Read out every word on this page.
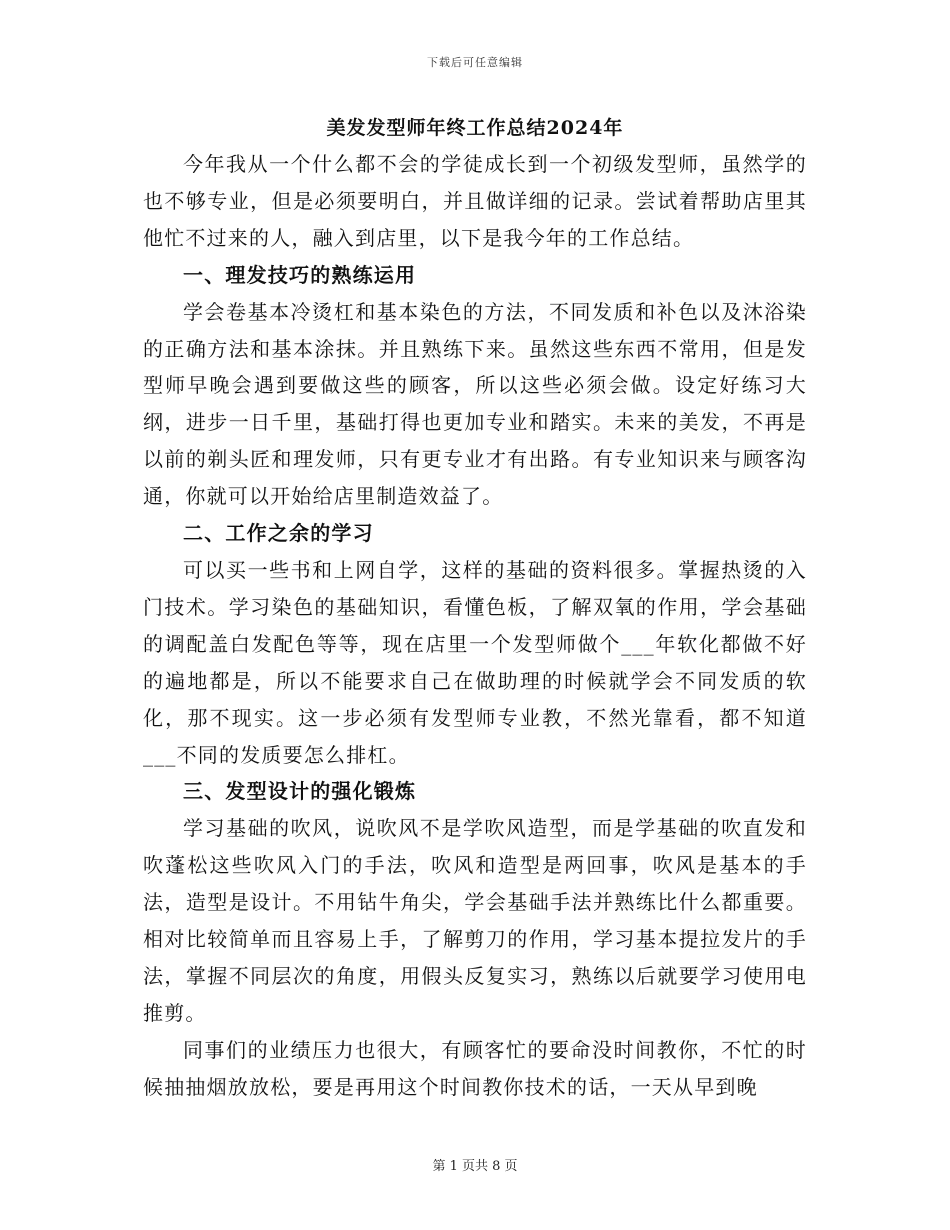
下载后可任意编辑
美发发型师年终工作总结2024年

今年我从一个什么都不会的学徒成长到一个初级发型师，虽然学的也不够专业，但是必须要明白，并且做详细的记录。尝试着帮助店里其他忙不过来的人，融入到店里，以下是我今年的工作总结。

一、理发技巧的熟练运用

学会卷基本冷烫杠和基本染色的方法，不同发质和补色以及沐浴染的正确方法和基本涂抹。并且熟练下来。虽然这些东西不常用，但是发型师早晚会遇到要做这些的顾客，所以这些必须会做。设定好练习大纲，进步一日千里，基础打得也更加专业和踏实。未来的美发，不再是以前的剃头匠和理发师，只有更专业才有出路。有专业知识来与顾客沟通，你就可以开始给店里制造效益了。

二、工作之余的学习

可以买一些书和上网自学，这样的基础的资料很多。掌握热烫的入门技术。学习染色的基础知识，看懂色板，了解双氧的作用，学会基础的调配盖白发配色等等，现在店里一个发型师做个___年软化都做不好的遍地都是，所以不能要求自己在做助理的时候就学会不同发质的软化，那不现实。这一步必须有发型师专业教，不然光靠看，都不知道___不同的发质要怎么排杠。

三、发型设计的强化锻炼

学习基础的吹风，说吹风不是学吹风造型，而是学基础的吹直发和吹蓬松这些吹风入门的手法，吹风和造型是两回事，吹风是基本的手法，造型是设计。不用钻牛角尖，学会基础手法并熟练比什么都重要。相对比较简单而且容易上手，了解剪刀的作用，学习基本提拉发片的手法，掌握不同层次的角度，用假头反复实习，熟练以后就要学习使用电推剪。

同事们的业绩压力也很大，有顾客忙的要命没时间教你，不忙的时候抽抽烟放放松，要是再用这个时间教你技术的话，一天从早到晚

第 1 页共 8 页
